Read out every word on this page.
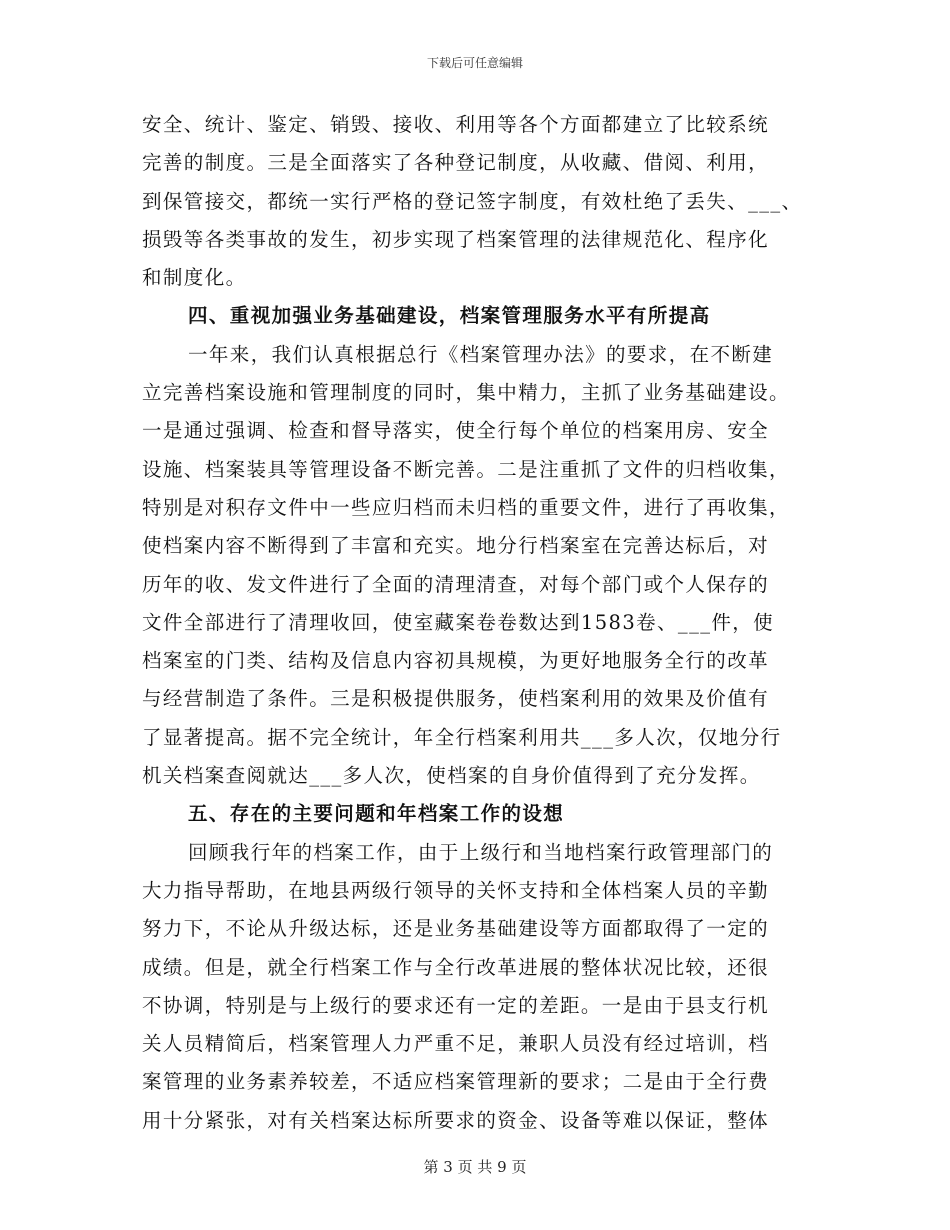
下载后可任意编辑
安全、统计、鉴定、销毁、接收、利用等各个方面都建立了比较系统
完善的制度。三是全面落实了各种登记制度，从收藏、借阅、利用，
到保管接交，都统一实行严格的登记签字制度，有效杜绝了丢失、___、
损毁等各类事故的发生，初步实现了档案管理的法律规范化、程序化
和制度化。
四、重视加强业务基础建设，档案管理服务水平有所提高
一年来，我们认真根据总行《档案管理办法》的要求，在不断建
立完善档案设施和管理制度的同时，集中精力，主抓了业务基础建设。
一是通过强调、检查和督导落实，使全行每个单位的档案用房、安全
设施、档案装具等管理设备不断完善。二是注重抓了文件的归档收集，
特别是对积存文件中一些应归档而未归档的重要文件，进行了再收集，
使档案内容不断得到了丰富和充实。地分行档案室在完善达标后，对
历年的收、发文件进行了全面的清理清查，对每个部门或个人保存的
文件全部进行了清理收回，使室藏案卷卷数达到1583卷、___件，使
档案室的门类、结构及信息内容初具规模，为更好地服务全行的改革
与经营制造了条件。三是积极提供服务，使档案利用的效果及价值有
了显著提高。据不完全统计，年全行档案利用共___多人次，仅地分行
机关档案查阅就达___多人次，使档案的自身价值得到了充分发挥。
五、存在的主要问题和年档案工作的设想
回顾我行年的档案工作，由于上级行和当地档案行政管理部门的
大力指导帮助，在地县两级行领导的关怀支持和全体档案人员的辛勤
努力下，不论从升级达标，还是业务基础建设等方面都取得了一定的
成绩。但是，就全行档案工作与全行改革进展的整体状况比较，还很
不协调，特别是与上级行的要求还有一定的差距。一是由于县支行机
关人员精简后，档案管理人力严重不足，兼职人员没有经过培训，档
案管理的业务素养较差，不适应档案管理新的要求；二是由于全行费
用十分紧张，对有关档案达标所要求的资金、设备等难以保证，整体
第 3 页 共 9 页
